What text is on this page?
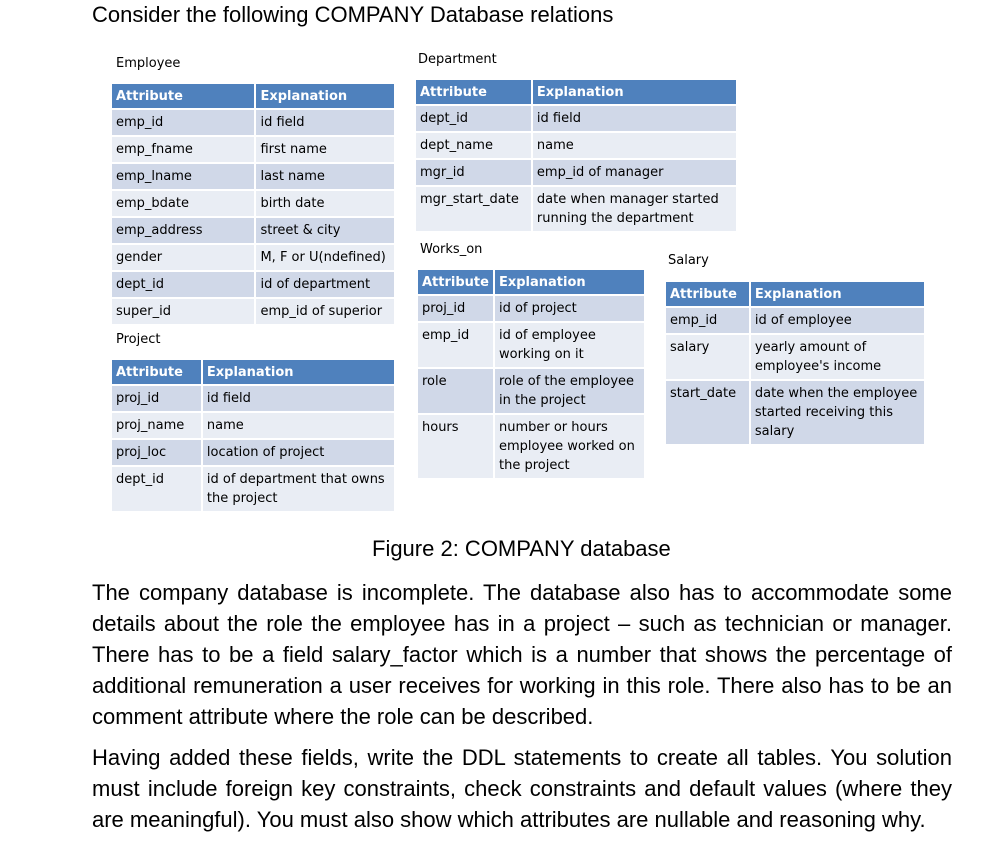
Consider the following COMPANY Database relations
Employee
Attribute	Explanation
emp_id	id field
emp_fname	first name
emp_lname	last name
emp_bdate	birth date
emp_address	street & city
gender	M, F or U(ndefined)
dept_id	id of department
super_id	emp_id of superior
Department
Attribute	Explanation
dept_id	id field
dept_name	name
mgr_id	emp_id of manager
mgr_start_date	date when manager started running the department
Project
Attribute	Explanation
proj_id	id field
proj_name	name
proj_loc	location of project
dept_id	id of department that owns the project
Works_on
Attribute	Explanation
proj_id	id of project
emp_id	id of employee working on it
role	role of the employee in the project
hours	number or hours employee worked on the project
Salary
Attribute	Explanation
emp_id	id of employee
salary	yearly amount of employee's income
start_date	date when the employee started receiving this salary
Figure 2: COMPANY database
The company database is incomplete. The database also has to accommodate some details about the role the employee has in a project – such as technician or manager. There has to be a field salary_factor which is a number that shows the percentage of additional remuneration a user receives for working in this role. There also has to be an comment attribute where the role can be described.
Having added these fields, write the DDL statements to create all tables. You solution must include foreign key constraints, check constraints and default values (where they are meaningful). You must also show which attributes are nullable and reasoning why.
